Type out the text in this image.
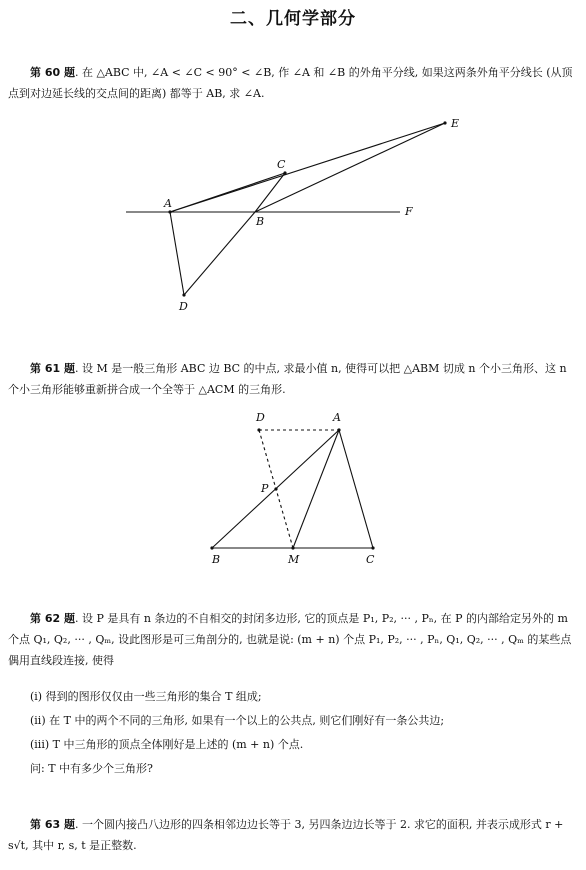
二、几何学部分

第 60 题. 在 △ABC 中, ∠A < ∠C < 90° < ∠B, 作 ∠A 和 ∠B 的外角平分线, 如果这两条外角平分线长 (从顶点到对边延长线的交点间的距离) 都等于 AB, 求 ∠A.

A
B
C
D
E
F
D	A
P
B	M	C

第 61 题. 设 M 是一般三角形 ABC 边 BC 的中点, 求最小值 n, 使得可以把 △ABM 切成 n 个小三角形、这 n 个小三角形能够重新拼合成一个全等于 △ACM 的三角形.

第 62 题. 设 P 是具有 n 条边的不自相交的封闭多边形, 它的顶点是 P₁, P₂, ··· , Pₙ, 在 P 的内部给定另外的 m 个点 Q₁, Q₂, ··· , Qₘ, 设此图形是可三角剖分的, 也就是说: (m + n) 个点 P₁, P₂, ··· , Pₙ, Q₁, Q₂, ··· , Qₘ 的某些点偶用直线段连接, 使得

(i) 得到的图形仅仅由一些三角形的集合 T 组成;
(ii) 在 T 中的两个不同的三角形, 如果有一个以上的公共点, 则它们刚好有一条公共边;
(iii) T 中三角形的顶点全体刚好是上述的 (m + n) 个点.
问: T 中有多少个三角形?

第 63 题. 一个圆内接凸八边形的四条相邻边边长等于 3, 另四条边边长等于 2. 求它的面积, 并表示成形式 r + s√t, 其中 r, s, t 是正整数.
